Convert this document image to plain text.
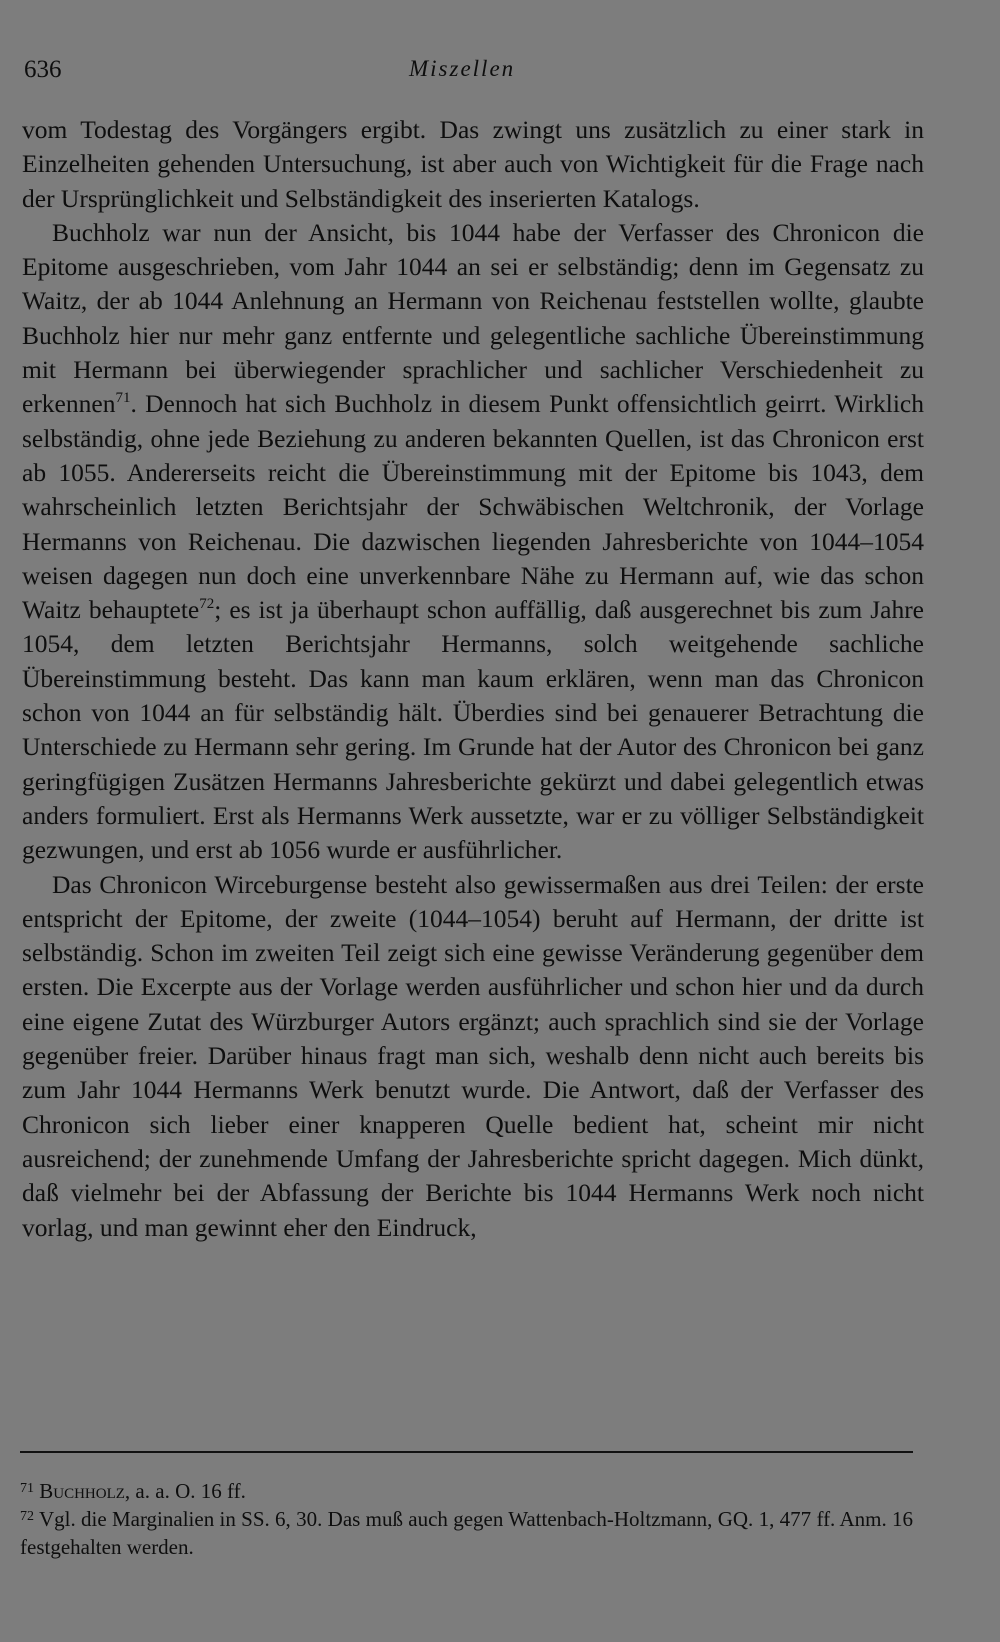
636	Miszellen

vom Todestag des Vorgängers ergibt. Das zwingt uns zusätzlich zu einer stark in Einzelheiten gehenden Untersuchung, ist aber auch von Wichtigkeit für die Frage nach der Ursprünglichkeit und Selbständigkeit des inserierten Katalogs.

Buchholz war nun der Ansicht, bis 1044 habe der Verfasser des Chronicon die Epitome ausgeschrieben, vom Jahr 1044 an sei er selbständig; denn im Gegensatz zu Waitz, der ab 1044 Anlehnung an Hermann von Reichenau feststellen wollte, glaubte Buchholz hier nur mehr ganz entfernte und gelegentliche sachliche Übereinstimmung mit Hermann bei überwiegender sprachlicher und sachlicher Verschiedenheit zu erkennen$^{71}$. Dennoch hat sich Buchholz in diesem Punkt offensichtlich geirrt. Wirklich selbständig, ohne jede Beziehung zu anderen bekannten Quellen, ist das Chronicon erst ab 1055. Andererseits reicht die Übereinstimmung mit der Epitome bis 1043, dem wahrscheinlich letzten Berichtsjahr der Schwäbischen Weltchronik, der Vorlage Hermanns von Reichenau. Die dazwischen liegenden Jahresberichte von 1044–1054 weisen dagegen nun doch eine unverkennbare Nähe zu Hermann auf, wie das schon Waitz behauptete$^{72}$; es ist ja überhaupt schon auffällig, daß ausgerechnet bis zum Jahre 1054, dem letzten Berichtsjahr Hermanns, solch weitgehende sachliche Übereinstimmung besteht. Das kann man kaum erklären, wenn man das Chronicon schon von 1044 an für selbständig hält. Überdies sind bei genauerer Betrachtung die Unterschiede zu Hermann sehr gering. Im Grunde hat der Autor des Chronicon bei ganz geringfügigen Zusätzen Hermanns Jahresberichte gekürzt und dabei gelegentlich etwas anders formuliert. Erst als Hermanns Werk aussetzte, war er zu völliger Selbständigkeit gezwungen, und erst ab 1056 wurde er ausführlicher.

Das Chronicon Wirceburgense besteht also gewissermaßen aus drei Teilen: der erste entspricht der Epitome, der zweite (1044–1054) beruht auf Hermann, der dritte ist selbständig. Schon im zweiten Teil zeigt sich eine gewisse Veränderung gegenüber dem ersten. Die Excerpte aus der Vorlage werden ausführlicher und schon hier und da durch eine eigene Zutat des Würzburger Autors ergänzt; auch sprachlich sind sie der Vorlage gegenüber freier. Darüber hinaus fragt man sich, weshalb denn nicht auch bereits bis zum Jahr 1044 Hermanns Werk benutzt wurde. Die Antwort, daß der Verfasser des Chronicon sich lieber einer knapperen Quelle bedient hat, scheint mir nicht ausreichend; der zunehmende Umfang der Jahresberichte spricht dagegen. Mich dünkt, daß vielmehr bei der Abfassung der Berichte bis 1044 Hermanns Werk noch nicht vorlag, und man gewinnt eher den Eindruck,

$^{71}$ Buchholz, a. a. O. 16 ff.

$^{72}$ Vgl. die Marginalien in SS. 6, 30. Das muß auch gegen Wattenbach-Holtzmann, GQ. 1, 477 ff. Anm. 16 festgehalten werden.
